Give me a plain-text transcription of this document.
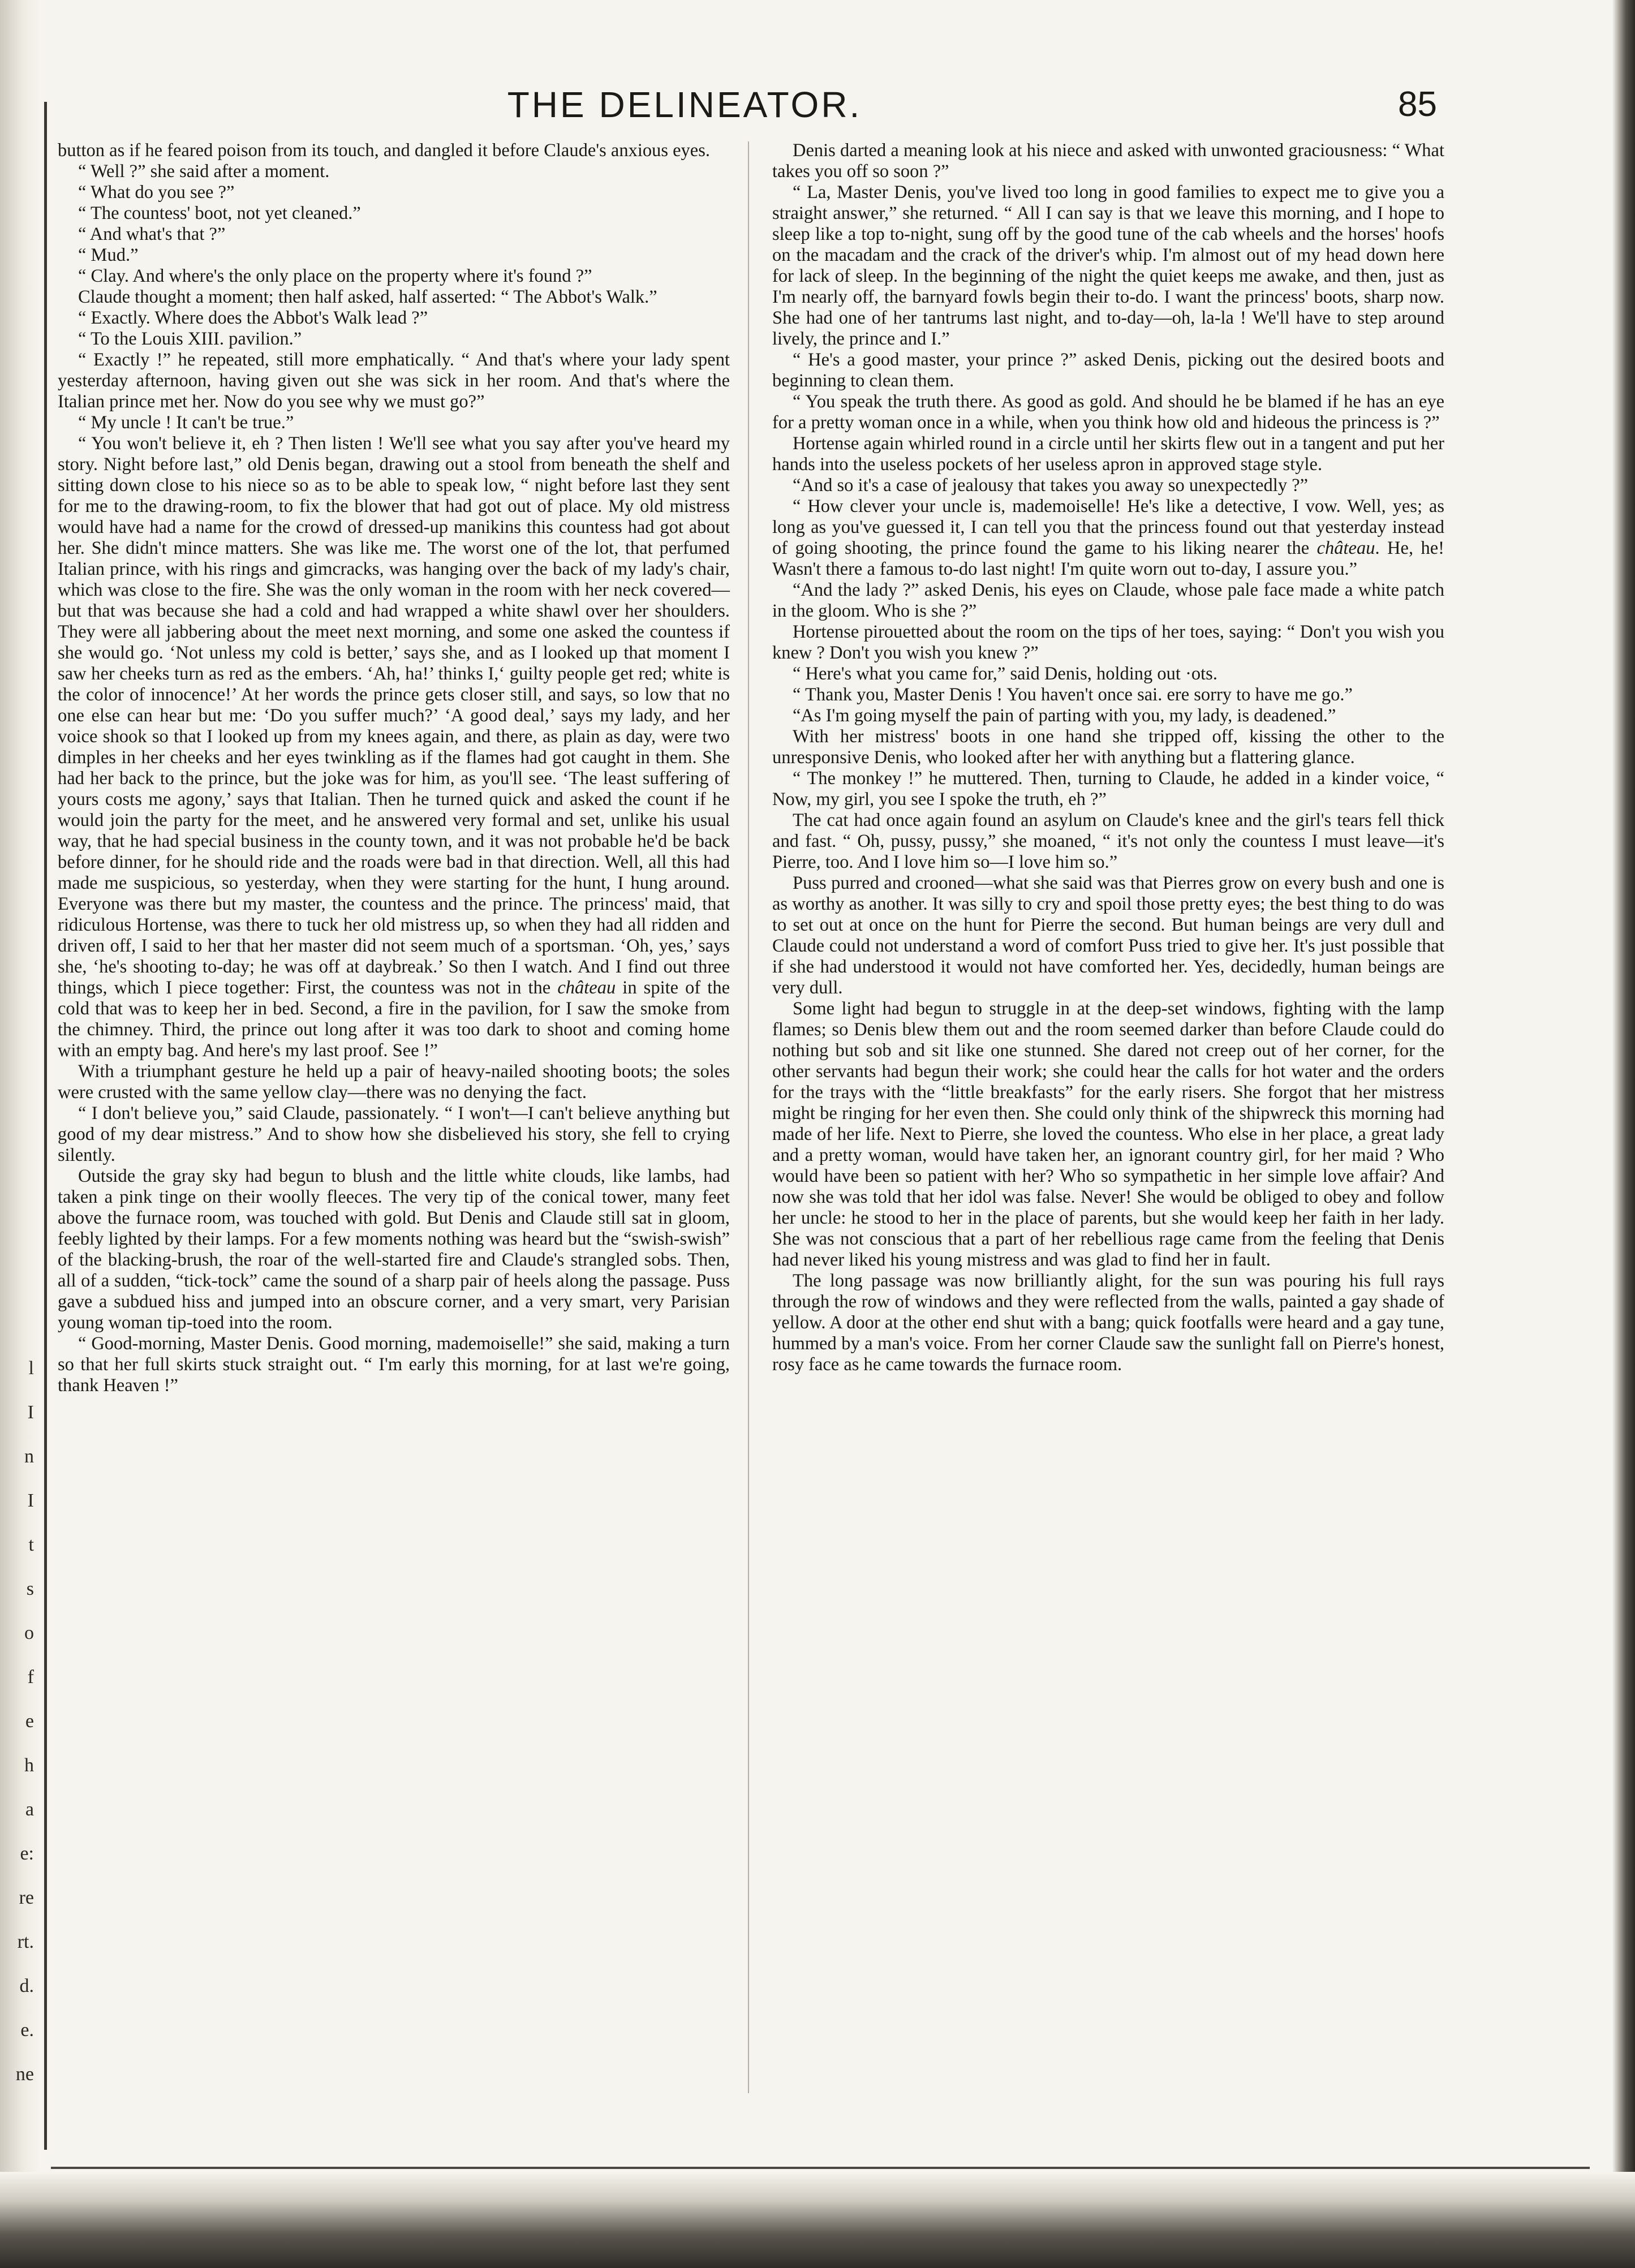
l
I
n
I
t
s
o
f
e
h
a
e:
re
rt.
d.
e.
ne
THE DELINEATOR.	85

button as if he feared poison from its touch, and dangled it before Claude's anxious eyes.

“ Well ?” she said after a moment.

“ What do you see ?”

“ The countess' boot, not yet cleaned.”

“ And what's that ?”

“ Mud.”

“ Clay. And where's the only place on the property where it's found ?”

Claude thought a moment; then half asked, half asserted: “ The Abbot's Walk.”

“ Exactly. Where does the Abbot's Walk lead ?”

“ To the Louis XIII. pavilion.”

“ Exactly !” he repeated, still more emphatically. “ And that's where your lady spent yesterday afternoon, having given out she was sick in her room. And that's where the Italian prince met her. Now do you see why we must go?”

“ My uncle ! It can't be true.”

“ You won't believe it, eh ? Then listen ! We'll see what you say after you've heard my story. Night before last,” old Denis began, drawing out a stool from beneath the shelf and sitting down close to his niece so as to be able to speak low, “ night before last they sent for me to the drawing-room, to fix the blower that had got out of place. My old mistress would have had a name for the crowd of dressed-up manikins this countess had got about her. She didn't mince matters. She was like me. The worst one of the lot, that perfumed Italian prince, with his rings and gimcracks, was hanging over the back of my lady's chair, which was close to the fire. She was the only woman in the room with her neck covered—but that was because she had a cold and had wrapped a white shawl over her shoulders. They were all jabbering about the meet next morning, and some one asked the countess if she would go. ‘Not unless my cold is better,’ says she, and as I looked up that moment I saw her cheeks turn as red as the embers. ‘Ah, ha!’ thinks I,‘ guilty people get red; white is the color of innocence!’ At her words the prince gets closer still, and says, so low that no one else can hear but me: ‘Do you suffer much?’ ‘A good deal,’ says my lady, and her voice shook so that I looked up from my knees again, and there, as plain as day, were two dimples in her cheeks and her eyes twinkling as if the flames had got caught in them. She had her back to the prince, but the joke was for him, as you'll see. ‘The least suffering of yours costs me agony,’ says that Italian. Then he turned quick and asked the count if he would join the party for the meet, and he answered very formal and set, unlike his usual way, that he had special business in the county town, and it was not probable he'd be back before dinner, for he should ride and the roads were bad in that direction. Well, all this had made me suspicious, so yesterday, when they were starting for the hunt, I hung around. Everyone was there but my master, the countess and the prince. The princess' maid, that ridiculous Hortense, was there to tuck her old mistress up, so when they had all ridden and driven off, I said to her that her master did not seem much of a sportsman. ‘Oh, yes,’ says she, ‘he's shooting to-day; he was off at daybreak.’ So then I watch. And I find out three things, which I piece together: First, the countess was not in the château in spite of the cold that was to keep her in bed. Second, a fire in the pavilion, for I saw the smoke from the chimney. Third, the prince out long after it was too dark to shoot and coming home with an empty bag. And here's my last proof. See !”

With a triumphant gesture he held up a pair of heavy-nailed shooting boots; the soles were crusted with the same yellow clay—there was no denying the fact.

“ I don't believe you,” said Claude, passionately. “ I won't—I can't believe anything but good of my dear mistress.” And to show how she disbelieved his story, she fell to crying silently.

Outside the gray sky had begun to blush and the little white clouds, like lambs, had taken a pink tinge on their woolly fleeces. The very tip of the conical tower, many feet above the furnace room, was touched with gold. But Denis and Claude still sat in gloom, feebly lighted by their lamps. For a few moments nothing was heard but the “swish-swish” of the blacking-brush, the roar of the well-started fire and Claude's strangled sobs. Then, all of a sudden, “tick-tock” came the sound of a sharp pair of heels along the passage. Puss gave a subdued hiss and jumped into an obscure corner, and a very smart, very Parisian young woman tip-toed into the room.

“ Good-morning, Master Denis. Good morning, mademoiselle!” she said, making a turn so that her full skirts stuck straight out. “ I'm early this morning, for at last we're going, thank Heaven !”

Denis darted a meaning look at his niece and asked with unwonted graciousness: “ What takes you off so soon ?”

“ La, Master Denis, you've lived too long in good families to expect me to give you a straight answer,” she returned. “ All I can say is that we leave this morning, and I hope to sleep like a top to-night, sung off by the good tune of the cab wheels and the horses' hoofs on the macadam and the crack of the driver's whip. I'm almost out of my head down here for lack of sleep. In the beginning of the night the quiet keeps me awake, and then, just as I'm nearly off, the barnyard fowls begin their to-do. I want the princess' boots, sharp now. She had one of her tantrums last night, and to-day—oh, la-la ! We'll have to step around lively, the prince and I.”

“ He's a good master, your prince ?” asked Denis, picking out the desired boots and beginning to clean them.

“ You speak the truth there. As good as gold. And should he be blamed if he has an eye for a pretty woman once in a while, when you think how old and hideous the princess is ?”

Hortense again whirled round in a circle until her skirts flew out in a tangent and put her hands into the useless pockets of her useless apron in approved stage style.

“And so it's a case of jealousy that takes you away so unexpectedly ?”

“ How clever your uncle is, mademoiselle! He's like a detective, I vow. Well, yes; as long as you've guessed it, I can tell you that the princess found out that yesterday instead of going shooting, the prince found the game to his liking nearer the château. He, he! Wasn't there a famous to-do last night! I'm quite worn out to-day, I assure you.”

“And the lady ?” asked Denis, his eyes on Claude, whose pale face made a white patch in the gloom. Who is she ?”

Hortense pirouetted about the room on the tips of her toes, saying: “ Don't you wish you knew ? Don't you wish you knew ?”

“ Here's what you came for,” said Denis, holding out ·ots.

“ Thank you, Master Denis ! You haven't once sai. ere sorry to have me go.”

“As I'm going myself the pain of parting with you, my lady, is deadened.”

With her mistress' boots in one hand she tripped off, kissing the other to the unresponsive Denis, who looked after her with anything but a flattering glance.

“ The monkey !” he muttered. Then, turning to Claude, he added in a kinder voice, “ Now, my girl, you see I spoke the truth, eh ?”

The cat had once again found an asylum on Claude's knee and the girl's tears fell thick and fast. “ Oh, pussy, pussy,” she moaned, “ it's not only the countess I must leave—it's Pierre, too. And I love him so—I love him so.”

Puss purred and crooned—what she said was that Pierres grow on every bush and one is as worthy as another. It was silly to cry and spoil those pretty eyes; the best thing to do was to set out at once on the hunt for Pierre the second. But human beings are very dull and Claude could not understand a word of comfort Puss tried to give her. It's just possible that if she had understood it would not have comforted her. Yes, decidedly, human beings are very dull.

Some light had begun to struggle in at the deep-set windows, fighting with the lamp flames; so Denis blew them out and the room seemed darker than before Claude could do nothing but sob and sit like one stunned. She dared not creep out of her corner, for the other servants had begun their work; she could hear the calls for hot water and the orders for the trays with the “little breakfasts” for the early risers. She forgot that her mistress might be ringing for her even then. She could only think of the shipwreck this morning had made of her life. Next to Pierre, she loved the countess. Who else in her place, a great lady and a pretty woman, would have taken her, an ignorant country girl, for her maid ? Who would have been so patient with her? Who so sympathetic in her simple love affair? And now she was told that her idol was false. Never! She would be obliged to obey and follow her uncle: he stood to her in the place of parents, but she would keep her faith in her lady. She was not conscious that a part of her rebellious rage came from the feeling that Denis had never liked his young mistress and was glad to find her in fault.

The long passage was now brilliantly alight, for the sun was pouring his full rays through the row of windows and they were reflected from the walls, painted a gay shade of yellow. A door at the other end shut with a bang; quick footfalls were heard and a gay tune, hummed by a man's voice. From her corner Claude saw the sunlight fall on Pierre's honest, rosy face as he came towards the furnace room.
